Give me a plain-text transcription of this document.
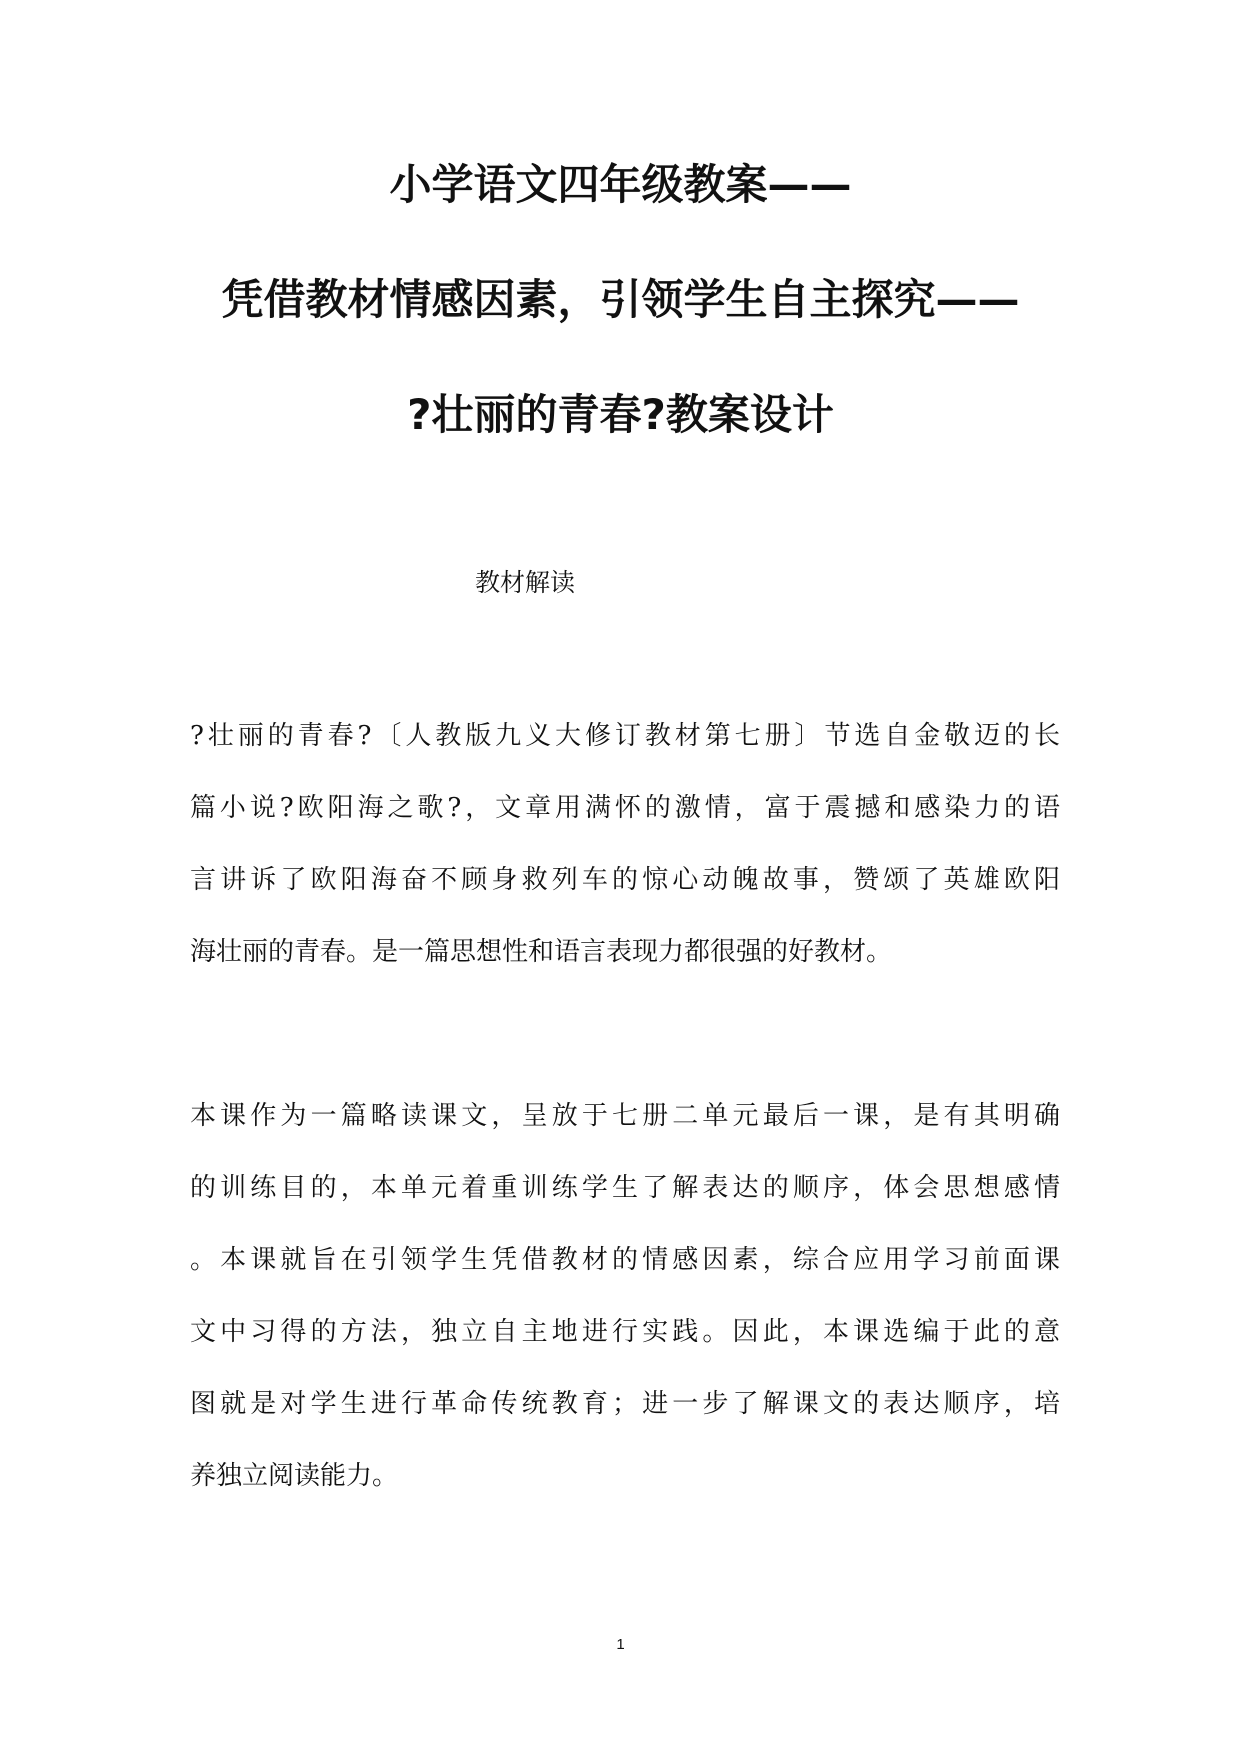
小学语文四年级教案——
凭借教材情感因素，引领学生自主探究——
?壮丽的青春?教案设计
教材解读
?壮丽的青春?〔人教版九义大修订教材第七册〕节选自金敬迈的长
篇小说?欧阳海之歌?，文章用满怀的激情，富于震撼和感染力的语
言讲诉了欧阳海奋不顾身救列车的惊心动魄故事，赞颂了英雄欧阳
海壮丽的青春。是一篇思想性和语言表现力都很强的好教材。
本课作为一篇略读课文，呈放于七册二单元最后一课，是有其明确
的训练目的，本单元着重训练学生了解表达的顺序，体会思想感情
。本课就旨在引领学生凭借教材的情感因素，综合应用学习前面课
文中习得的方法，独立自主地进行实践。因此，本课选编于此的意
图就是对学生进行革命传统教育；进一步了解课文的表达顺序，培
养独立阅读能力。
1
